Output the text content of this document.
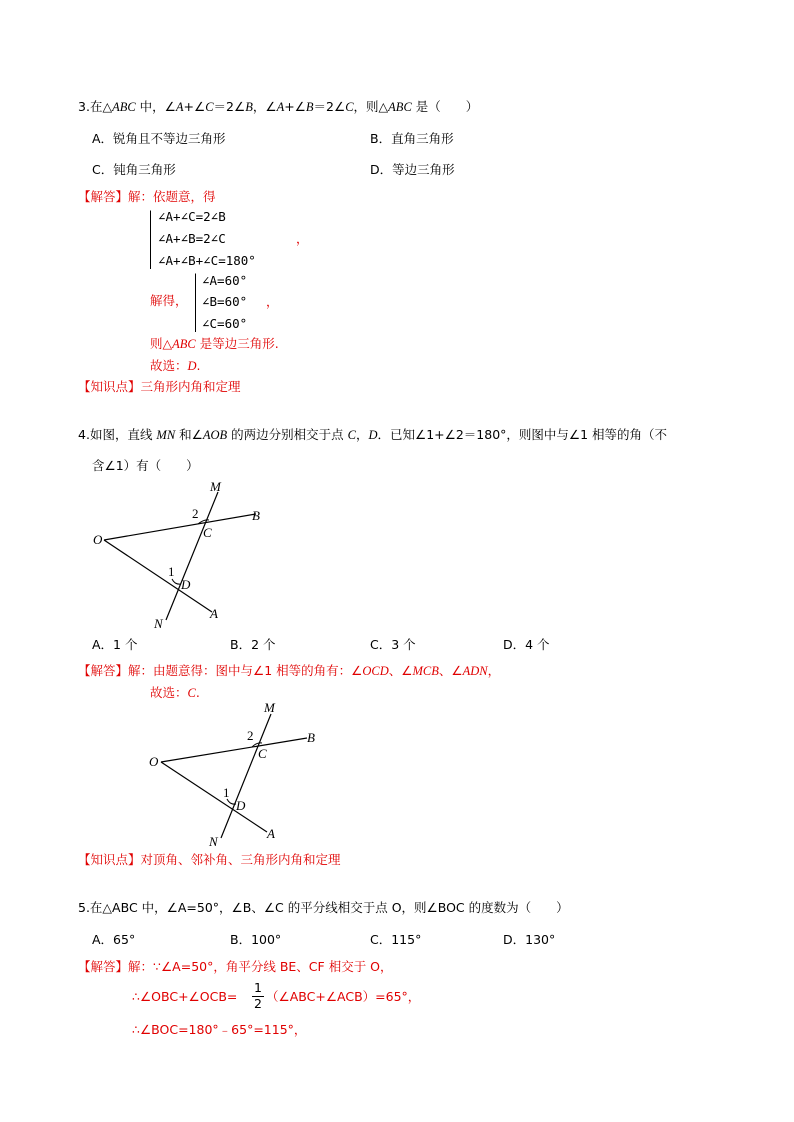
3.在△ABC 中，∠A+∠C＝2∠B，∠A+∠B＝2∠C，则△ABC 是（　　）
A．锐角且不等边三角形	B．直角三角形
C．钝角三角形	D．等边三角形
【解答】解：依题意，得
∠A+∠C=2∠B
∠A+∠B=2∠C
∠A+∠B+∠C=180°
，
解得，
∠A=60°
∠B=60°
∠C=60°
，
则△ABC 是等边三角形.
故选：D.
【知识点】三角形内角和定理
4.如图，直线 MN 和∠AOB 的两边分别相交于点 C，D．已知∠1+∠2＝180°，则图中与∠1 相等的角（不
含∠1）有（　　）
M
B
C
2
O
1
D
A
N
A．1 个	B．2 个	C．3 个	D．4 个
【解答】解：由题意得：图中与∠1 相等的角有：∠OCD、∠MCB、∠ADN，
故选：C.
M
B
C
2
O
1
D
A
N
【知识点】对顶角、邻补角、三角形内角和定理
5.在△ABC 中，∠A=50°，∠B、∠C 的平分线相交于点 O，则∠BOC 的度数为（　　）
A．65°	B．100°	C．115°	D．130°
【解答】解：∵∠A=50°，角平分线 BE、CF 相交于 O，
∴∠OBC+∠OCB=
1
2 （∠ABC+∠ACB）=65°，
∴∠BOC=180°﹣65°=115°，
